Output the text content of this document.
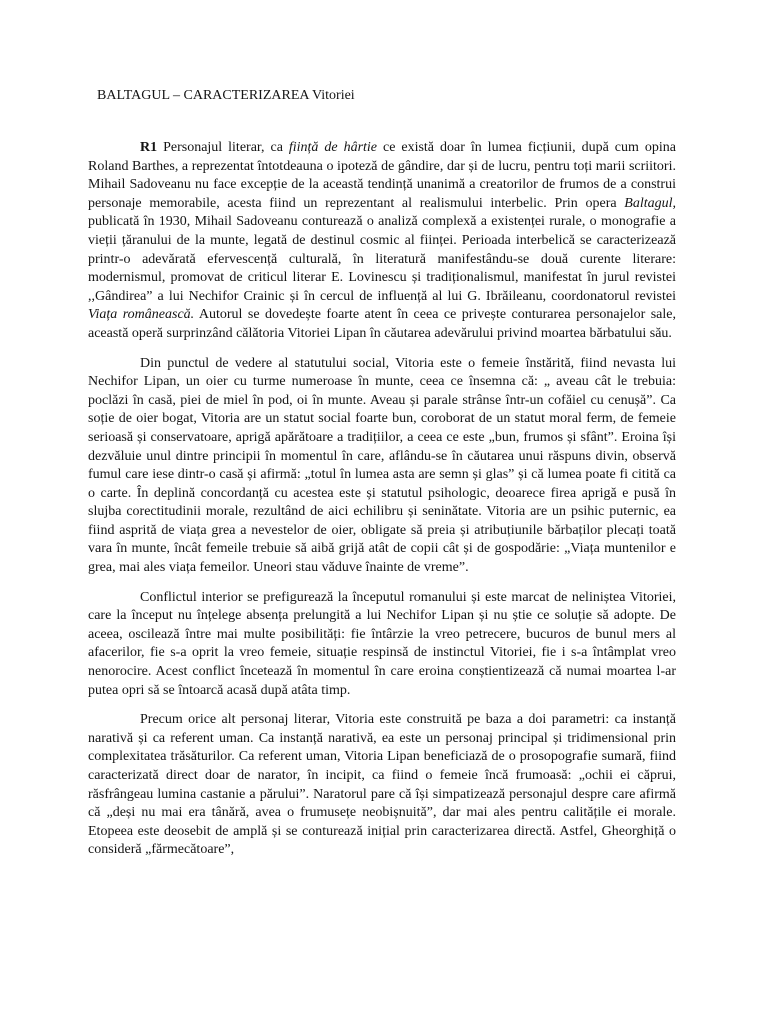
BALTAGUL – CARACTERIZAREA Vitoriei

R1 Personajul literar, ca ființă de hârtie ce există doar în lumea ficțiunii, după cum opina Roland Barthes, a reprezentat întotdeauna o ipoteză de gândire, dar și de lucru, pentru toți marii scriitori. Mihail Sadoveanu nu face excepție de la această tendință unanimă a creatorilor de frumos de a construi personaje memorabile, acesta fiind un reprezentant al realismului interbelic. Prin opera Baltagul, publicată în 1930, Mihail Sadoveanu conturează o analiză complexă a existenței rurale, o monografie a vieții țăranului de la munte, legată de destinul cosmic al ființei. Perioada interbelică se caracterizează printr-o adevărată efervescență culturală, în literatură manifestându-se două curente literare: modernismul, promovat de criticul literar E. Lovinescu și tradiționalismul, manifestat în jurul revistei ,,Gândirea” a lui Nechifor Crainic și în cercul de influență al lui G. Ibrăileanu, coordonatorul revistei Viața românească. Autorul se dovedește foarte atent în ceea ce privește conturarea personajelor sale, această operă surprinzând călătoria Vitoriei Lipan în căutarea adevărului privind moartea bărbatului său.

Din punctul de vedere al statutului social, Vitoria este o femeie înstărită, fiind nevasta lui Nechifor Lipan, un oier cu turme numeroase în munte, ceea ce însemna că: „ aveau cât le trebuia: poclăzi în casă, piei de miel în pod, oi în munte. Aveau și parale strânse într-un cofăiel cu cenușă”. Ca soție de oier bogat, Vitoria are un statut social foarte bun, coroborat de un statut moral ferm, de femeie serioasă și conservatoare, aprigă apărătoare a tradițiilor, a ceea ce este „bun, frumos și sfânt”. Eroina își dezvăluie unul dintre principii în momentul în care, aflându-se în căutarea unui răspuns divin, observă fumul care iese dintr-o casă și afirmă: „totul în lumea asta are semn și glas” și că lumea poate fi citită ca o carte. În deplină concordanță cu acestea este și statutul psihologic, deoarece firea aprigă e pusă în slujba corectitudinii morale, rezultând de aici echilibru și seninătate. Vitoria are un psihic puternic, ea fiind asprită de viața grea a nevestelor de oier, obligate să preia și atribuțiunile bărbaților plecați toată vara în munte, încât femeile trebuie să aibă grijă atât de copii cât și de gospodărie: „Viața muntenilor e grea, mai ales viața femeilor. Uneori stau văduve înainte de vreme”.

Conflictul interior se prefigurează la începutul romanului și este marcat de neliniștea Vitoriei, care la început nu înțelege absența prelungită a lui Nechifor Lipan și nu știe ce soluție să adopte. De aceea, oscilează între mai multe posibilități: fie întârzie la vreo petrecere, bucuros de bunul mers al afacerilor, fie s-a oprit la vreo femeie, situație respinsă de instinctul Vitoriei, fie i s-a întâmplat vreo nenorocire. Acest conflict încetează în momentul în care eroina conștientizează că numai moartea l-ar putea opri să se întoarcă acasă după atâta timp.

Precum orice alt personaj literar, Vitoria este construită pe baza a doi parametri: ca instanță narativă și ca referent uman. Ca instanță narativă, ea este un personaj principal și tridimensional prin complexitatea trăsăturilor. Ca referent uman, Vitoria Lipan beneficiază de o prosopografie sumară, fiind caracterizată direct doar de narator, în incipit, ca fiind o femeie încă frumoasă: „ochii ei căprui, răsfrângeau lumina castanie a părului”. Naratorul pare că își simpatizează personajul despre care afirmă că „deși nu mai era tânără, avea o frumusețe neobișnuită”, dar mai ales pentru calitățile ei morale. Etopeea este deosebit de amplă și se conturează inițial prin caracterizarea directă. Astfel, Gheorghiță o consideră „fărmecătoare”,
